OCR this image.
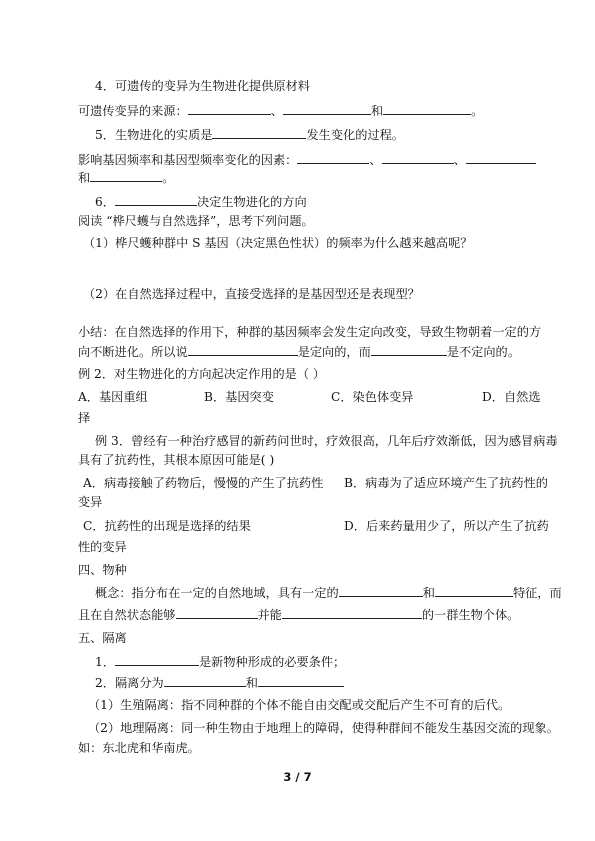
4．可遗传的变异为生物进化提供原材料
可遗传变异的来源：	、	和	。
5．生物进化的实质是	发生变化的过程。
影响基因频率和基因型频率变化的因素：	、	、
和	。
6．	决定生物进化的方向
阅读 “桦尺蠖与自然选择”，思考下列问题。
（1）桦尺蠖种群中 S 基因（决定黑色性状）的频率为什么越来越高呢？
（2）在自然选择过程中，直接受选择的是基因型还是表现型？
小结：在自然选择的作用下，种群的基因频率会发生定向改变，导致生物朝着一定的方
向不断进化。所以说	是定向的，而	是不定向的。
例 2．对生物进化的方向起决定作用的是（ ）
A．基因重组	B．基因突变	C．染色体变异	D．自然选
择
例 3．曾经有一种治疗感冒的新药问世时，疗效很高，几年后疗效渐低，因为感冒病毒
具有了抗药性，其根本原因可能是( )
A．病毒接触了药物后，慢慢的产生了抗药性 B．病毒为了适应环境产生了抗药性的
变异
C．抗药性的出现是选择的结果	D．后来药量用少了，所以产生了抗药
性的变异
四、物种
概念：指分布在一定的自然地域，具有一定的	和	特征，而
且在自然状态能够	并能	的一群生物个体。
五、隔离
1．	是新物种形成的必要条件；
2．隔离分为	和
（1）生殖隔离：指不同种群的个体不能自由交配或交配后产生不可育的后代。
（2）地理隔离：同一种生物由于地理上的障碍，使得种群间不能发生基因交流的现象。
如：东北虎和华南虎。
3 / 7
